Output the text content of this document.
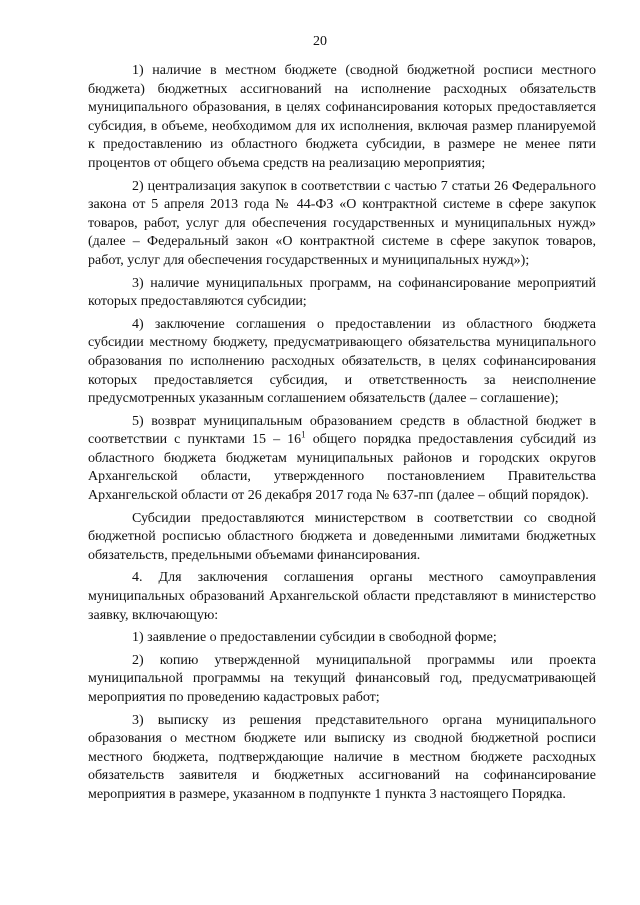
20

1) наличие в местном бюджете (сводной бюджетной росписи местного бюджета) бюджетных ассигнований на исполнение расходных обязательств муниципального образования, в целях софинансирования которых предоставляется субсидия, в объеме, необходимом для их исполнения, включая размер планируемой к предоставлению из областного бюджета субсидии, в размере не менее пяти процентов от общего объема средств на реализацию мероприятия;

2) централизация закупок в соответствии с частью 7 статьи 26 Федерального закона от 5 апреля 2013 года № 44-ФЗ «О контрактной системе в сфере закупок товаров, работ, услуг для обеспечения государственных и муниципальных нужд» (далее – Федеральный закон «О контрактной системе в сфере закупок товаров, работ, услуг для обеспечения государственных и муниципальных нужд»);

3) наличие муниципальных программ, на софинансирование мероприятий которых предоставляются субсидии;

4) заключение соглашения о предоставлении из областного бюджета субсидии местному бюджету, предусматривающего обязательства муниципального образования по исполнению расходных обязательств, в целях софинансирования которых предоставляется субсидия, и ответственность за неисполнение предусмотренных указанным соглашением обязательств (далее – соглашение);

5) возврат муниципальным образованием средств в областной бюджет в соответствии с пунктами $15 - 16^1$ общего порядка предоставления субсидий из областного бюджета бюджетам муниципальных районов и городских округов Архангельской области, утвержденного постановлением Правительства Архангельской области от 26 декабря 2017 года № 637-пп (далее – общий порядок).

Субсидии предоставляются министерством в соответствии со сводной бюджетной росписью областного бюджета и доведенными лимитами бюджетных обязательств, предельными объемами финансирования.

4. Для заключения соглашения органы местного самоуправления муниципальных образований Архангельской области представляют в министерство заявку, включающую:

1) заявление о предоставлении субсидии в свободной форме;

2) копию утвержденной муниципальной программы или проекта муниципальной программы на текущий финансовый год, предусматривающей мероприятия по проведению кадастровых работ;

3) выписку из решения представительного органа муниципального образования о местном бюджете или выписку из сводной бюджетной росписи местного бюджета, подтверждающие наличие в местном бюджете расходных обязательств заявителя и бюджетных ассигнований на софинансирование мероприятия в размере, указанном в подпункте 1 пункта 3 настоящего Порядка.
